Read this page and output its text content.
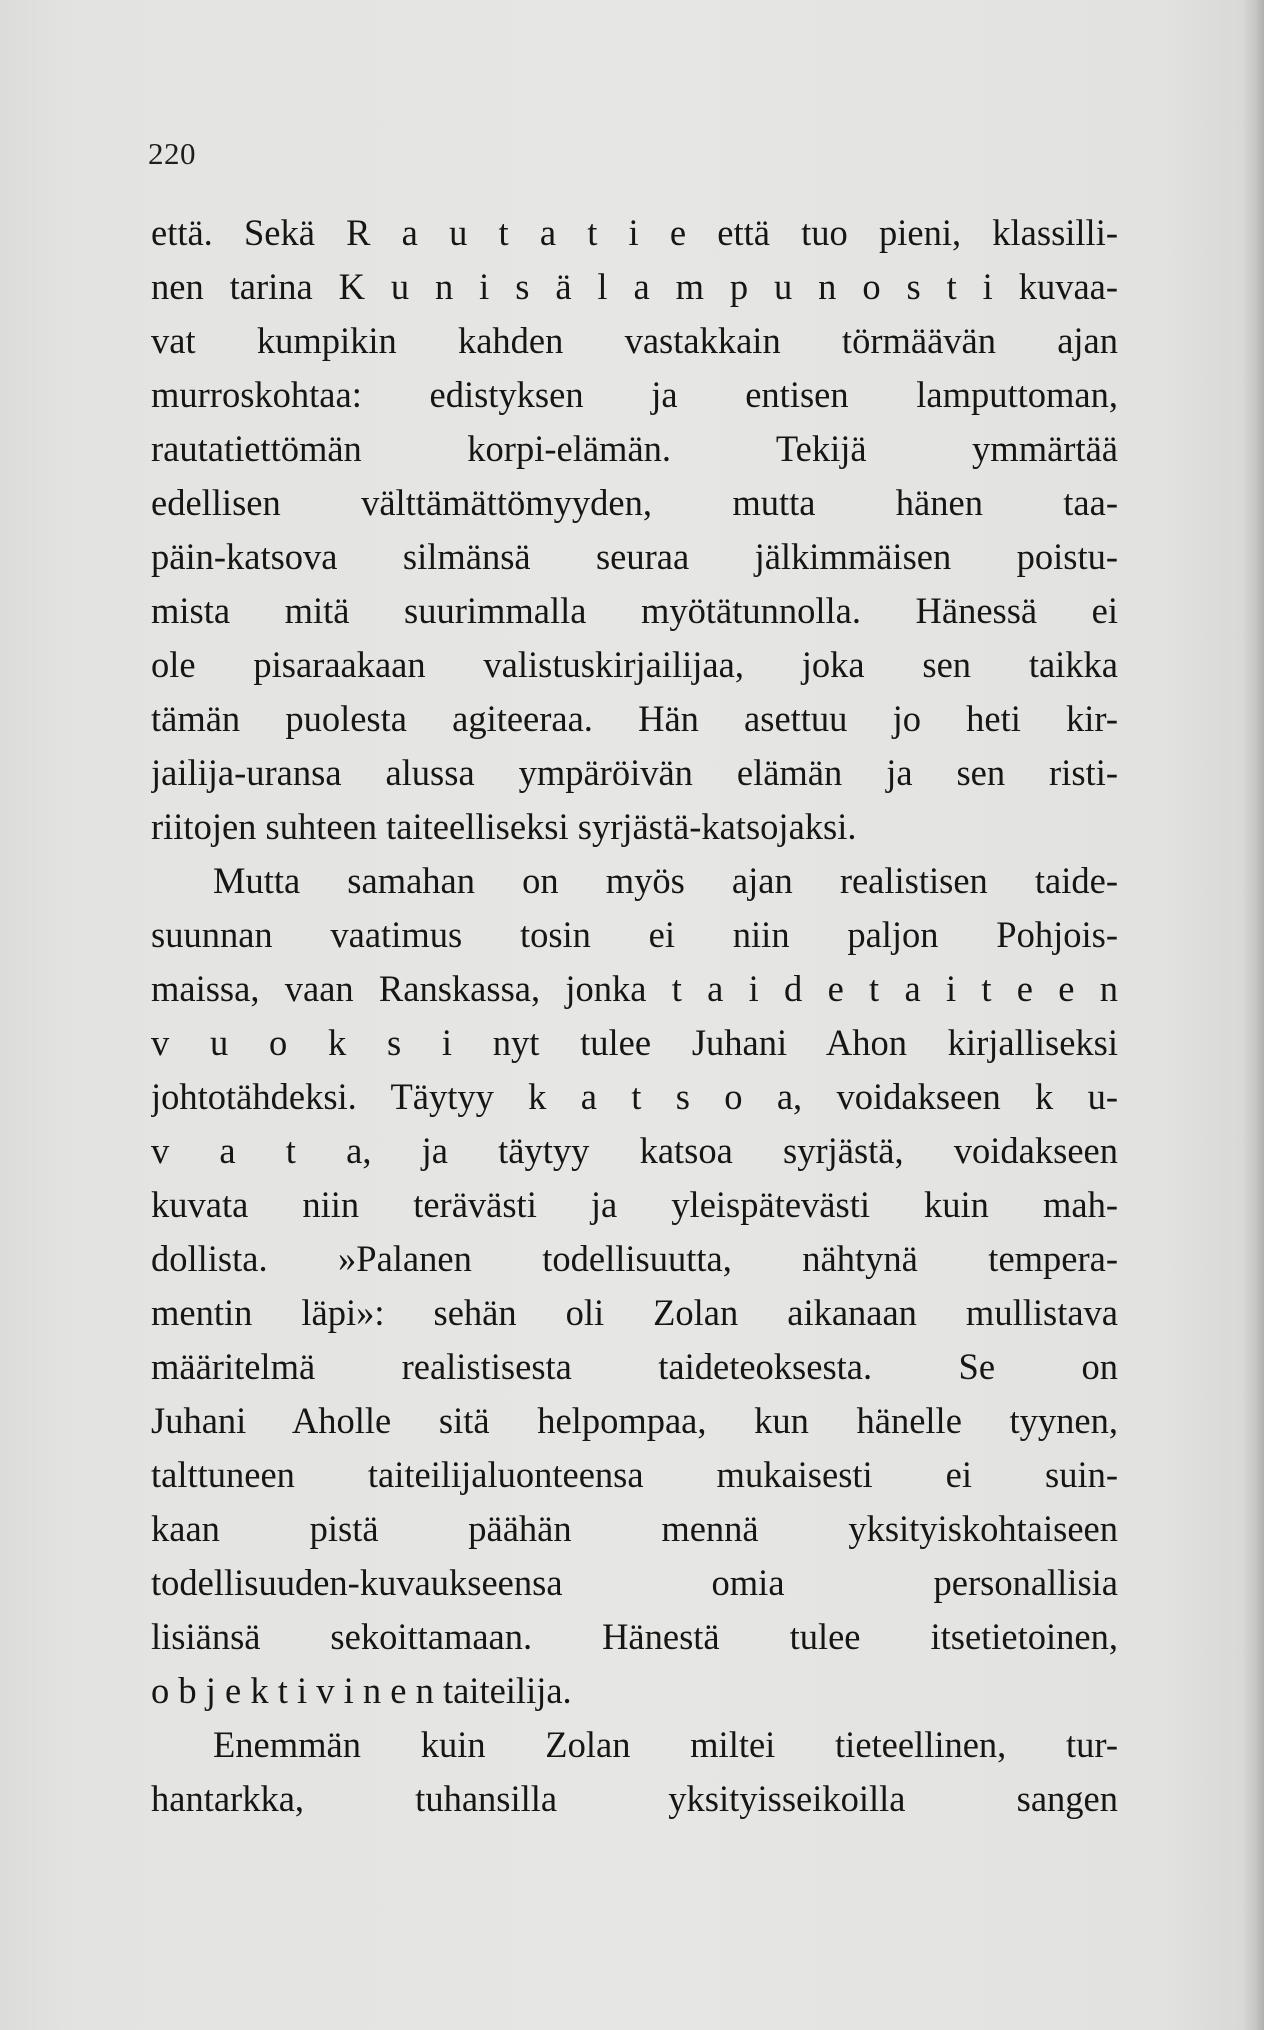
220
että. Sekä R a u t a t i e että tuo pieni, klassilli-
nen tarina K u n i s ä l a m p u n o s t i kuvaa-
vat kumpikin kahden vastakkain törmäävän ajan
murroskohtaa: edistyksen ja entisen lamputtoman,
rautatiettömän korpi-elämän. Tekijä ymmärtää
edellisen välttämättömyyden, mutta hänen taa-
päin-katsova silmänsä seuraa jälkimmäisen poistu-
mista mitä suurimmalla myötätunnolla. Hänessä ei
ole pisaraakaan valistuskirjailijaa, joka sen taikka
tämän puolesta agiteeraa. Hän asettuu jo heti kir-
jailija-uransa alussa ympäröivän elämän ja sen risti-
riitojen suhteen taiteelliseksi syrjästä-katsojaksi.
Mutta samahan on myös ajan realistisen taide-
suunnan vaatimus tosin ei niin paljon Pohjois-
maissa, vaan Ranskassa, jonka t a i d e t a i t e e n
v u o k s i nyt tulee Juhani Ahon kirjalliseksi
johtotähdeksi. Täytyy k a t s o a, voidakseen k u-
v a t a, ja täytyy katsoa syrjästä, voidakseen
kuvata niin terävästi ja yleispätevästi kuin mah-
dollista. »Palanen todellisuutta, nähtynä tempera-
mentin läpi»: sehän oli Zolan aikanaan mullistava
määritelmä realistisesta taideteoksesta. Se on
Juhani Aholle sitä helpompaa, kun hänelle tyynen,
talttuneen taiteilijaluonteensa mukaisesti ei suin-
kaan pistä päähän mennä yksityiskohtaiseen
todellisuuden-kuvaukseensa omia personallisia
lisiänsä sekoittamaan. Hänestä tulee itsetietoinen,
o b j e k t i v i n e n taiteilija.
Enemmän kuin Zolan miltei tieteellinen, tur-
hantarkka, tuhansilla yksityisseikoilla sangen
